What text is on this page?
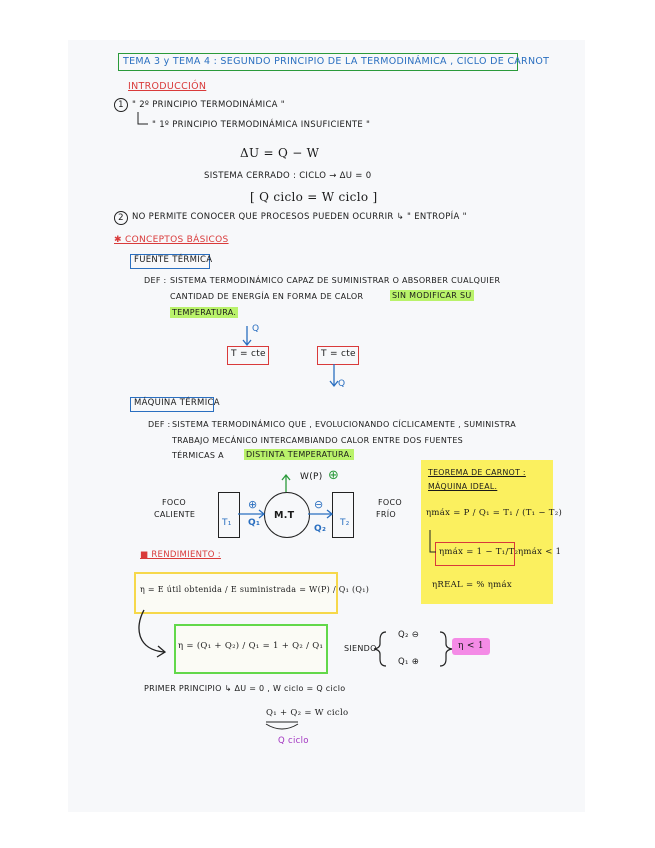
TEMA 3 y TEMA 4 : SEGUNDO PRINCIPIO DE LA TERMODINÁMICA , CICLO DE CARNOT
INTRODUCCIÓN
1 " 2º PRINCIPIO TERMODINÁMICA "
" 1º PRINCIPIO TERMODINÁMICA INSUFICIENTE "
ΔU = Q − W
SISTEMA CERRADO : CICLO → ΔU = 0
[ Q ciclo = W ciclo ]
2 NO PERMITE CONOCER QUE PROCESOS PUEDEN OCURRIR ↳ " ENTROPÍA "
✱ CONCEPTOS BÁSICOS
FUENTE TÉRMICA
DEF : SISTEMA TERMODINÁMICO CAPAZ DE SUMINISTRAR O ABSORBER CUALQUIER
CANTIDAD DE ENERGÍA EN FORMA DE CALOR	SIN MODIFICAR SU
TEMPERATURA.
T = cte	T = cte
Q
Q
MÁQUINA TÉRMICA
DEF : SISTEMA TERMODINÁMICO QUE , EVOLUCIONANDO CÍCLICAMENTE , SUMINISTRA
TRABAJO MECÁNICO INTERCAMBIANDO CALOR ENTRE DOS FUENTES
TÉRMICAS A	DISTINTA TEMPERATURA.
FOCO
CALIENTE
FOCO
FRÍO
T₁	T₂
Q₁
Q₂
M.T
W(P) ⊕
⊕	⊖
TEOREMA DE CARNOT :
MÁQUINA IDEAL.
ηmáx = P / Q₁ = T₁ / (T₁ − T₂)
ηmáx = 1 − T₁/T₂ ηmáx < 1
ηREAL = % ηmáx
■ RENDIMIENTO :
η = E útil obtenida / E suministrada = W(P) / Q₁ (Q₁)
η = (Q₁ + Q₂) / Q₁ = 1 + Q₂ / Q₁	SIENDO
Q₂ ⊖
Q₁ ⊕
η < 1
PRIMER PRINCIPIO ↳ ΔU = 0 , W ciclo = Q ciclo
Q₁ + Q₂ = W ciclo
Q ciclo
